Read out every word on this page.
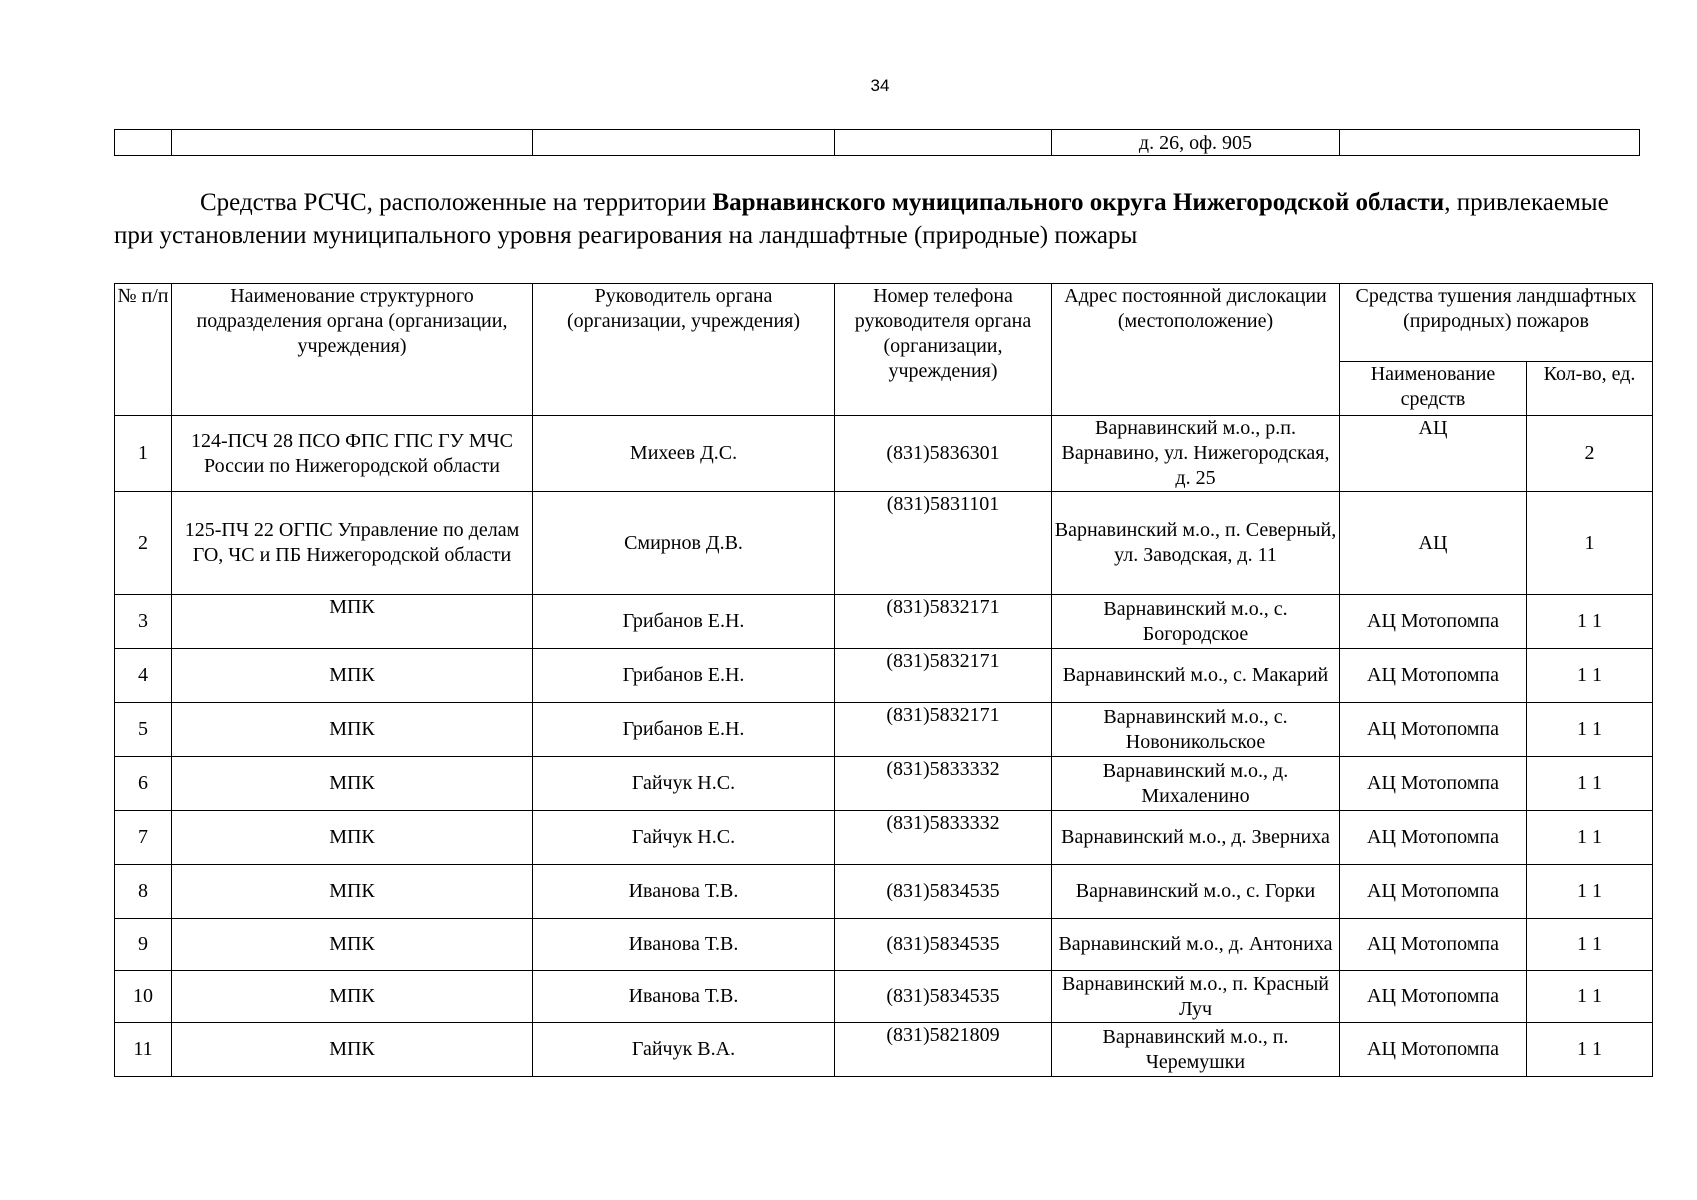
34
				д. 26, оф. 905	

Средства РСЧС, расположенные на территории Варнавинского муниципального округа Нижегородской области, привлекаемые при установлении муниципального уровня реагирования на ландшафтные (природные) пожары

№ п/п	Наименование структурного подразделения органа (организации, учреждения)	Руководитель органа (организации, учреждения)	Номер телефона руководителя органа (организации, учреждения)	Адрес постоянной дислокации (местоположение)	Средства тушения ландшафтных (природных) пожаров	
					Наименование средств	Кол-во, ед.
1	124-ПСЧ 28 ПСО ФПС ГПС ГУ МЧС России по Нижегородской области	Михеев Д.С.	(831)5836301	Варнавинский м.о., р.п. Варнавино, ул. Нижегородская, д. 25	АЦ	2
2	125-ПЧ 22 ОГПС Управление по делам ГО, ЧС и ПБ Нижегородской области	Смирнов Д.В.	(831)5831101	Варнавинский м.о., п. Северный, ул. Заводская, д. 11	АЦ	1
3	МПК	Грибанов Е.Н.	(831)5832171	Варнавинский м.о., с. Богородское	АЦ Мотопомпа	1 1
4	МПК	Грибанов Е.Н.	(831)5832171	Варнавинский м.о., с. Макарий	АЦ Мотопомпа	1 1
5	МПК	Грибанов Е.Н.	(831)5832171	Варнавинский м.о., с. Новоникольское	АЦ Мотопомпа	1 1
6	МПК	Гайчук Н.С.	(831)5833332	Варнавинский м.о., д. Михаленино	АЦ Мотопомпа	1 1
7	МПК	Гайчук Н.С.	(831)5833332	Варнавинский м.о., д. Зверниха	АЦ Мотопомпа	1 1
8	МПК	Иванова Т.В.	(831)5834535	Варнавинский м.о., с. Горки	АЦ Мотопомпа	1 1
9	МПК	Иванова Т.В.	(831)5834535	Варнавинский м.о., д. Антониха	АЦ Мотопомпа	1 1
10	МПК	Иванова Т.В.	(831)5834535	Варнавинский м.о., п. Красный Луч	АЦ Мотопомпа	1 1
11	МПК	Гайчук В.А.	(831)5821809	Варнавинский м.о., п. Черемушки	АЦ Мотопомпа	1 1
